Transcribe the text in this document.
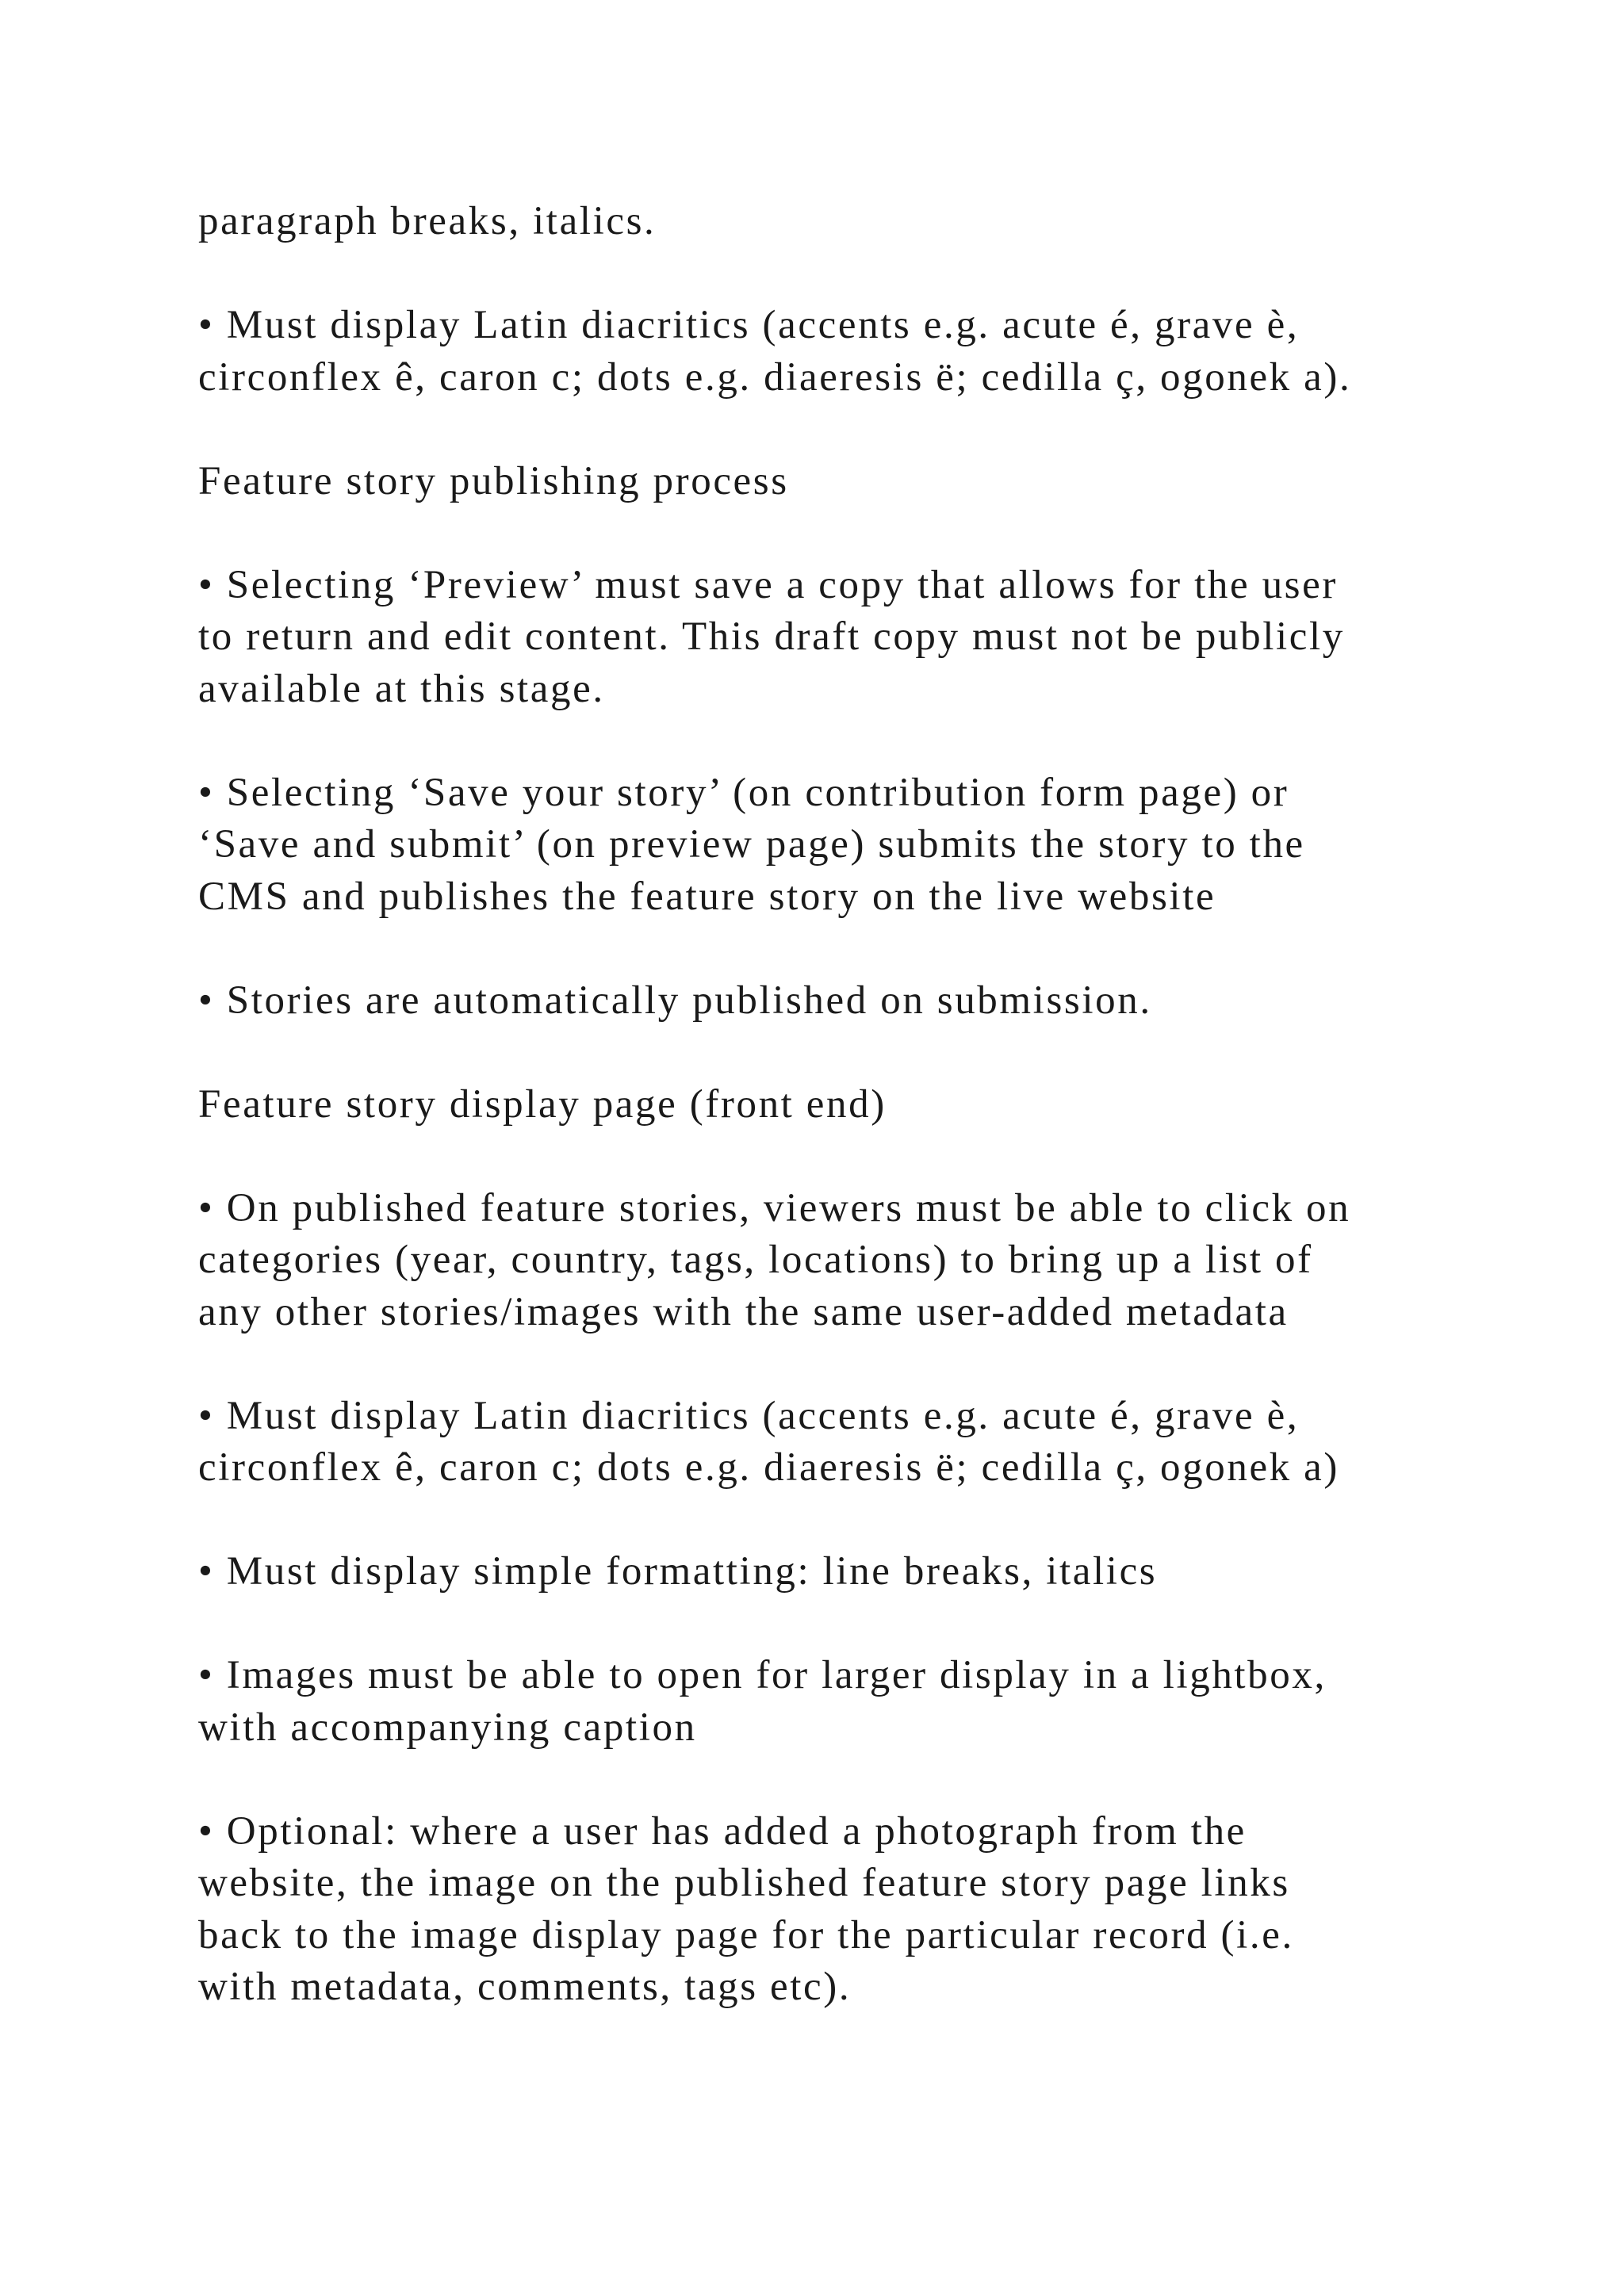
paragraph breaks, italics.

• Must display Latin diacritics (accents e.g. acute é, grave è,
circonflex ê, caron c; dots e.g. diaeresis ë; cedilla ç, ogonek a).

Feature story publishing process

• Selecting ‘Preview’ must save a copy that allows for the user
to return and edit content. This draft copy must not be publicly
available at this stage.

• Selecting ‘Save your story’ (on contribution form page) or
‘Save and submit’ (on preview page) submits the story to the
CMS and publishes the feature story on the live website

• Stories are automatically published on submission.

Feature story display page (front end)

• On published feature stories, viewers must be able to click on
categories (year, country, tags, locations) to bring up a list of
any other stories/images with the same user-added metadata

• Must display Latin diacritics (accents e.g. acute é, grave è,
circonflex ê, caron c; dots e.g. diaeresis ë; cedilla ç, ogonek a)

• Must display simple formatting: line breaks, italics

• Images must be able to open for larger display in a lightbox,
with accompanying caption

• Optional: where a user has added a photograph from the
website, the image on the published feature story page links
back to the image display page for the particular record (i.e.
with metadata, comments, tags etc).
